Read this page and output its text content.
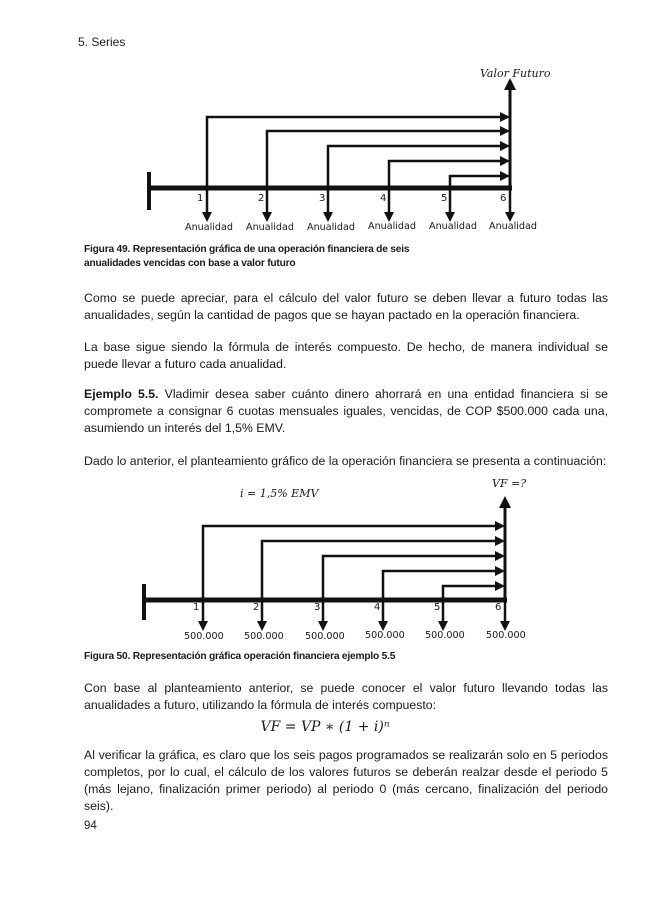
5. Series
Valor Futuro
1	2	3	4	5	6
Anualidad Anualidad Anualidad Anualidad Anualidad Anualidad
Figura 49. Representación gráfica de una operación financiera de seis
anualidades vencidas con base a valor futuro

Como se puede apreciar, para el cálculo del valor futuro se deben llevar a futuro todas las anualidades, según la cantidad de pagos que se hayan pactado en la operación financiera.

La base sigue siendo la fórmula de interés compuesto. De hecho, de manera individual se puede llevar a futuro cada anualidad.

Ejemplo 5.5. Vladimir desea saber cuánto dinero ahorrará en una entidad financiera si se compromete a consignar 6 cuotas mensuales iguales, vencidas, de COP $500.000 cada una, asumiendo un interés del 1,5% EMV.

Dado lo anterior, el planteamiento gráfico de la operación financiera se presenta a continuación:

i = 1,5% EMV
VF =?
1	2	3	4	5	6
500.000 500.000 500.000 500.000 500.000 500.000
Figura 50. Representación gráfica operación financiera ejemplo 5.5

Con base al planteamiento anterior, se puede conocer el valor futuro llevando todas las anualidades a futuro, utilizando la fórmula de interés compuesto:

VF = VP ∗ (1 + i)ⁿ

Al verificar la gráfica, es claro que los seis pagos programados se realizarán solo en 5 periodos completos, por lo cual, el cálculo de los valores futuros se deberán realzar desde el periodo 5 (más lejano, finalización primer periodo) al periodo 0 (más cercano, finalización del periodo seis).

94
